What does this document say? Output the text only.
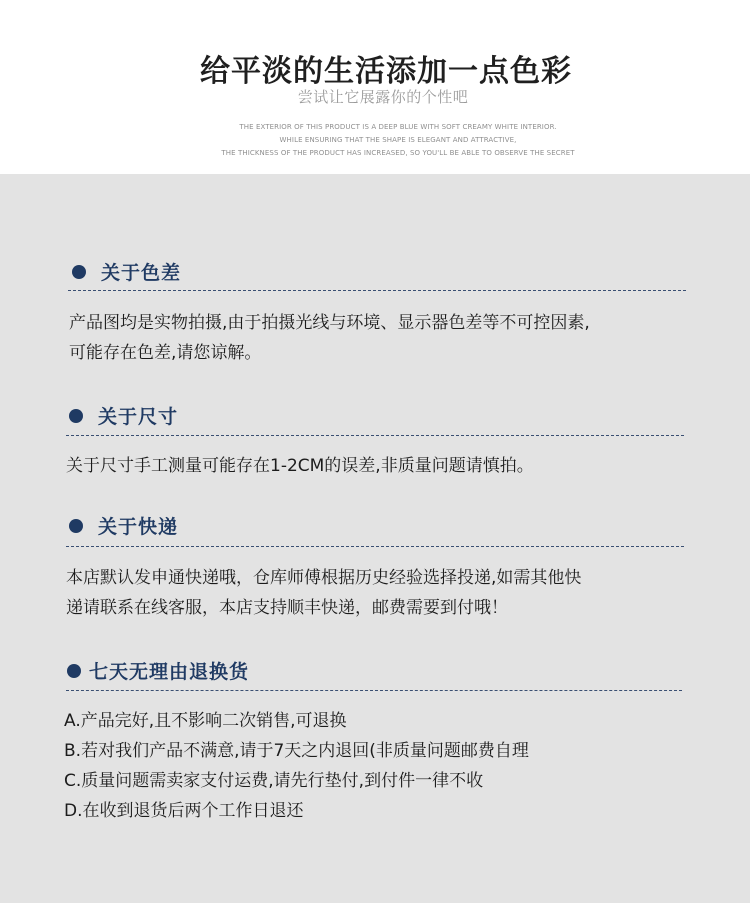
给平淡的生活添加一点色彩

尝试让它展露你的个性吧

THE EXTERIOR OF THIS PRODUCT IS A DEEP BLUE WITH SOFT CREAMY WHITE INTERIOR.
WHILE ENSURING THAT THE SHAPE IS ELEGANT AND ATTRACTIVE,
THE THICKNESS OF THE PRODUCT HAS INCREASED, SO YOU'LL BE ABLE TO OBSERVE THE SECRET
关于色差
产品图均是实物拍摄,由于拍摄光线与环境、显示器色差等不可控因素,
可能存在色差,请您谅解。
关于尺寸
关于尺寸手工测量可能存在1-2CM的误差,非质量问题请慎拍。
关于快递
本店默认发申通快递哦，仓库师傅根据历史经验选择投递,如需其他快
递请联系在线客服，本店支持顺丰快递，邮费需要到付哦！
七天无理由退换货
A.产品完好,且不影响二次销售,可退换
B.若对我们产品不满意,请于7天之内退回(非质量问题邮费自理
C.质量问题需卖家支付运费,请先行垫付,到付件一律不收
D.在收到退货后两个工作日退还
